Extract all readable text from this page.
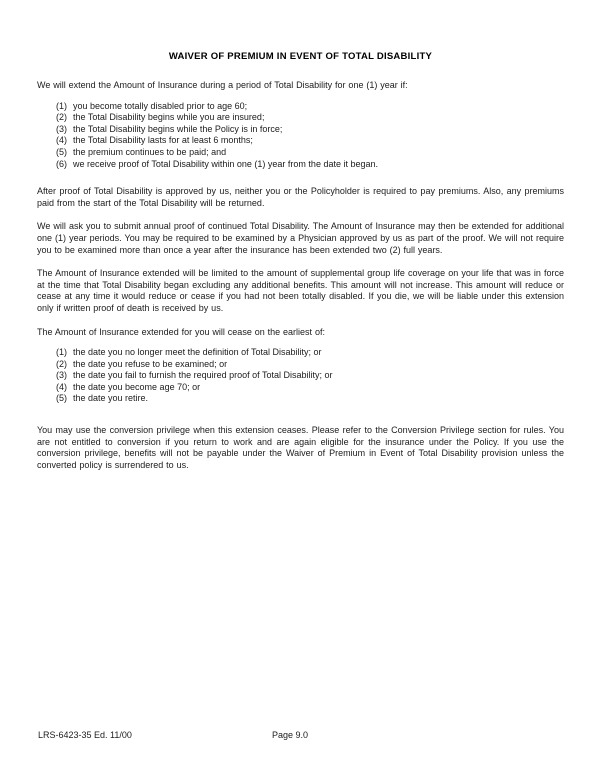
WAIVER OF PREMIUM IN EVENT OF TOTAL DISABILITY

We will extend the Amount of Insurance during a period of Total Disability for one (1) year if:

(1) you become totally disabled prior to age 60;
(2) the Total Disability begins while you are insured;
(3) the Total Disability begins while the Policy is in force;
(4) the Total Disability lasts for at least 6 months;
(5) the premium continues to be paid; and
(6) we receive proof of Total Disability within one (1) year from the date it began.

After proof of Total Disability is approved by us, neither you or the Policyholder is required to pay premiums. Also, any premiums paid from the start of the Total Disability will be returned.

We will ask you to submit annual proof of continued Total Disability. The Amount of Insurance may then be extended for additional one (1) year periods. You may be required to be examined by a Physician approved by us as part of the proof. We will not require you to be examined more than once a year after the insurance has been extended two (2) full years.

The Amount of Insurance extended will be limited to the amount of supplemental group life coverage on your life that was in force at the time that Total Disability began excluding any additional benefits. This amount will not increase. This amount will reduce or cease at any time it would reduce or cease if you had not been totally disabled. If you die, we will be liable under this extension only if written proof of death is received by us.

The Amount of Insurance extended for you will cease on the earliest of:

(1) the date you no longer meet the definition of Total Disability; or
(2) the date you refuse to be examined; or
(3) the date you fail to furnish the required proof of Total Disability; or
(4) the date you become age 70; or
(5) the date you retire.

You may use the conversion privilege when this extension ceases. Please refer to the Conversion Privilege section for rules. You are not entitled to conversion if you return to work and are again eligible for the insurance under the Policy. If you use the conversion privilege, benefits will not be payable under the Waiver of Premium in Event of Total Disability provision unless the converted policy is surrendered to us.

LRS-6423-35 Ed. 11/00	Page 9.0
